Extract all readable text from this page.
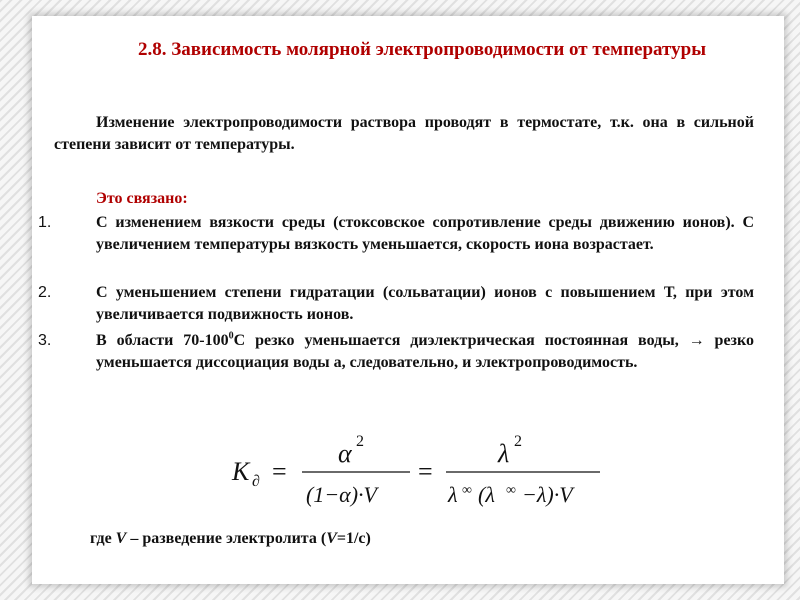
2.8. Зависимость молярной электропроводимости от температуры
Изменение электропроводимости раствора проводят в термостате, т.к. она в сильной степени зависит от температуры.
Это связано:
1.	С изменением вязкости среды (стоксовское сопротивление среды движению ионов). С увеличением температуры вязкость уменьшается, скорость иона возрастает.
2.	С уменьшением степени гидратации (сольватации) ионов с повышением Т, при этом увеличивается подвижность ионов.
3.	В области $70-100^0С$ резко уменьшается диэлектрическая постоянная воды, → резко уменьшается диссоциация воды а, следовательно, и электропроводимость.
K ∂ =
α 2
(1−α)·V
=
λ 2
λ ∞ (λ ∞ −λ)·V
где V – разведение электролита (V=1/с)
